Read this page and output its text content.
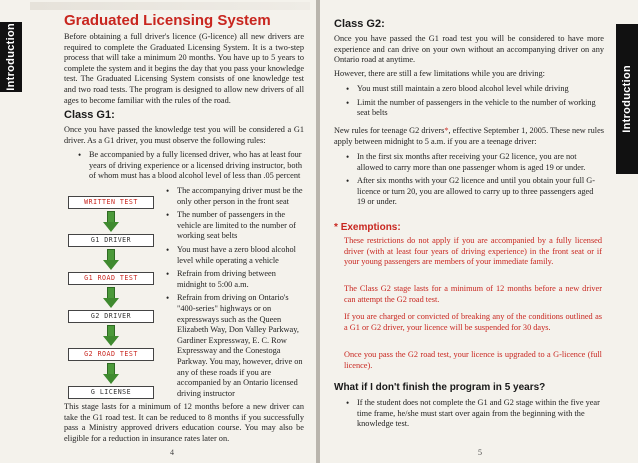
Introduction
Graduated Licensing System

Before obtaining a full driver's licence (G-licence) all new drivers are required to complete the Graduated Licensing System. It is a two-step process that will take a minimum 20 months. You have up to 5 years to complete the system and it begins the day that you pass your knowledge test. The Graduated Licensing System consists of one knowledge test and two road tests. The program is designed to allow new drivers of all ages to become familiar with the rules of the road.

Class G1:

Once you have passed the knowledge test you will be considered a G1 driver. As a G1 driver, you must observe the following rules:

• Be accompanied by a fully licensed driver, who has at least four years of driving experience or a licensed driving instructor, both of whom must has a blood alcohol level of less than .05 percent
WRITTEN TEST
G1 DRIVER
G1 ROAD TEST
G2 DRIVER
G2 ROAD TEST
G LICENSE
• The accompanying driver must be the only other person in the front seat
• The number of passengers in the vehicle are limited to the number of working seat belts
• You must have a zero blood alcohol level while operating a vehicle
• Refrain from driving between midnight to 5:00 a.m.
• Refrain from driving on Ontario's "400-series" highways or on expressways such as the Queen Elizabeth Way, Don Valley Parkway, Gardiner Expressway, E. C. Row Expressway and the Conestoga Parkway. You may, however, drive on any of these roads if you are accompanied by an Ontario licensed driving instructor

This stage lasts for a minimum of 12 months before a new driver can take the G1 road test. It can be reduced to 8 months if you successfully pass a Ministry approved drivers education course. You may also be eligible for a reduction in insurance rates later on.

4
Introduction
Class G2:

Once you have passed the G1 road test you will be considered to have more experience and can drive on your own without an accompanying driver on any Ontario road at anytime.

However, there are still a few limitations while you are driving:

• You must still maintain a zero blood alcohol level while driving
• Limit the number of passengers in the vehicle to the number of working seat belts

New rules for teenage G2 drivers*, effective September 1, 2005. These new rules apply between midnight to 5 a.m. if you are a teenage driver:

• In the first six months after receiving your G2 licence, you are not allowed to carry more than one passenger whom is aged 19 or under.
• After six months with your G2 licence and until you obtain your full G-licence or turn 20, you are allowed to carry up to three passengers aged 19 or under.
* Exemptions:

These restrictions do not apply if you are accompanied by a fully licensed driver (with at least four years of driving experience) in the front seat or if your young passengers are members of your immediate family.

The Class G2 stage lasts for a minimum of 12 months before a new driver can attempt the G2 road test.

If you are charged or convicted of breaking any of the conditions outlined as a G1 or G2 driver, your licence will be suspended for 30 days.

Once you pass the G2 road test, your licence is upgraded to a G-licence (full licence).

What if I don't finish the program in 5 years?
• If the student does not complete the G1 and G2 stage within the five year time frame, he/she must start over again from the beginning with the knowledge test.
5
